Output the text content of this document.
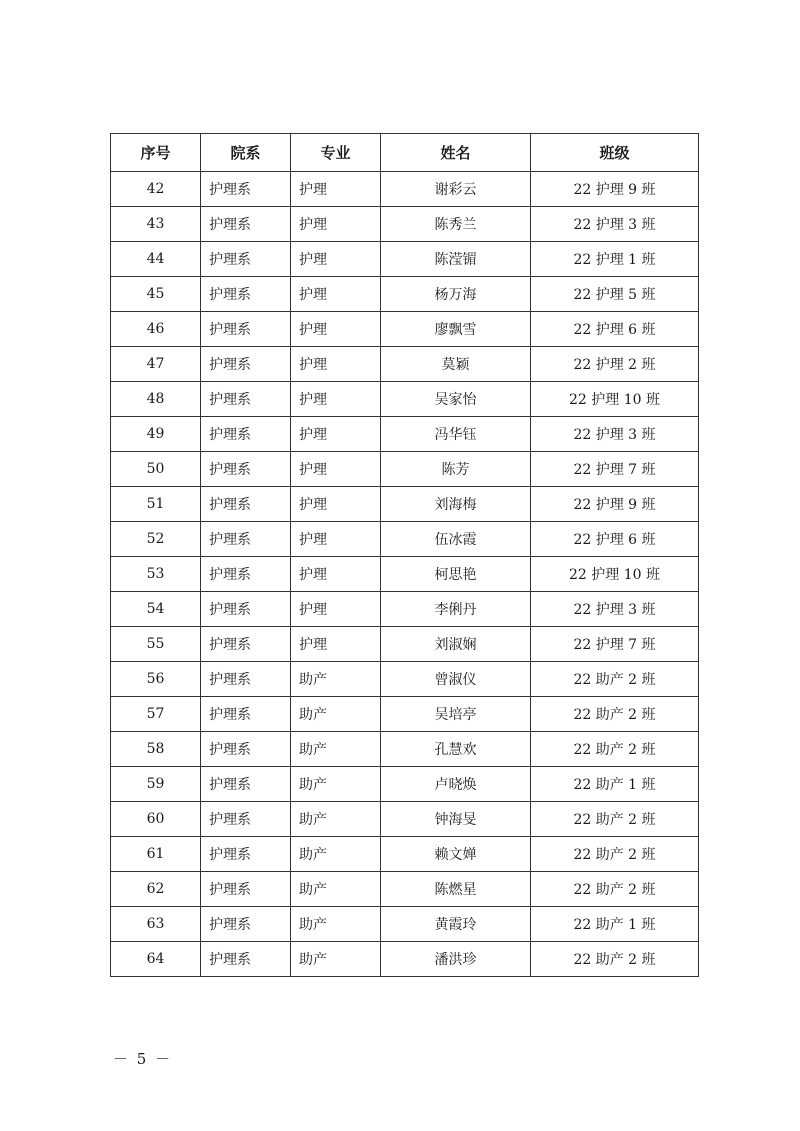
序号	院系	专业	姓名	班级
42	护理系	护理	谢彩云	22 护理 9 班
43	护理系	护理	陈秀兰	22 护理 3 班
44	护理系	护理	陈滢镅	22 护理 1 班
45	护理系	护理	杨万海	22 护理 5 班
46	护理系	护理	廖飘雪	22 护理 6 班
47	护理系	护理	莫颖	22 护理 2 班
48	护理系	护理	吴家怡	22 护理 10 班
49	护理系	护理	冯华钰	22 护理 3 班
50	护理系	护理	陈芳	22 护理 7 班
51	护理系	护理	刘海梅	22 护理 9 班
52	护理系	护理	伍冰霞	22 护理 6 班
53	护理系	护理	柯思艳	22 护理 10 班
54	护理系	护理	李俐丹	22 护理 3 班
55	护理系	护理	刘淑娴	22 护理 7 班
56	护理系	助产	曾淑仪	22 助产 2 班
57	护理系	助产	吴培亭	22 助产 2 班
58	护理系	助产	孔慧欢	22 助产 2 班
59	护理系	助产	卢晓焕	22 助产 1 班
60	护理系	助产	钟海旻	22 助产 2 班
61	护理系	助产	赖文婵	22 助产 2 班
62	护理系	助产	陈燃星	22 助产 2 班
63	护理系	助产	黄霞玲	22 助产 1 班
64	护理系	助产	潘洪珍	22 助产 2 班
－ 5 －
